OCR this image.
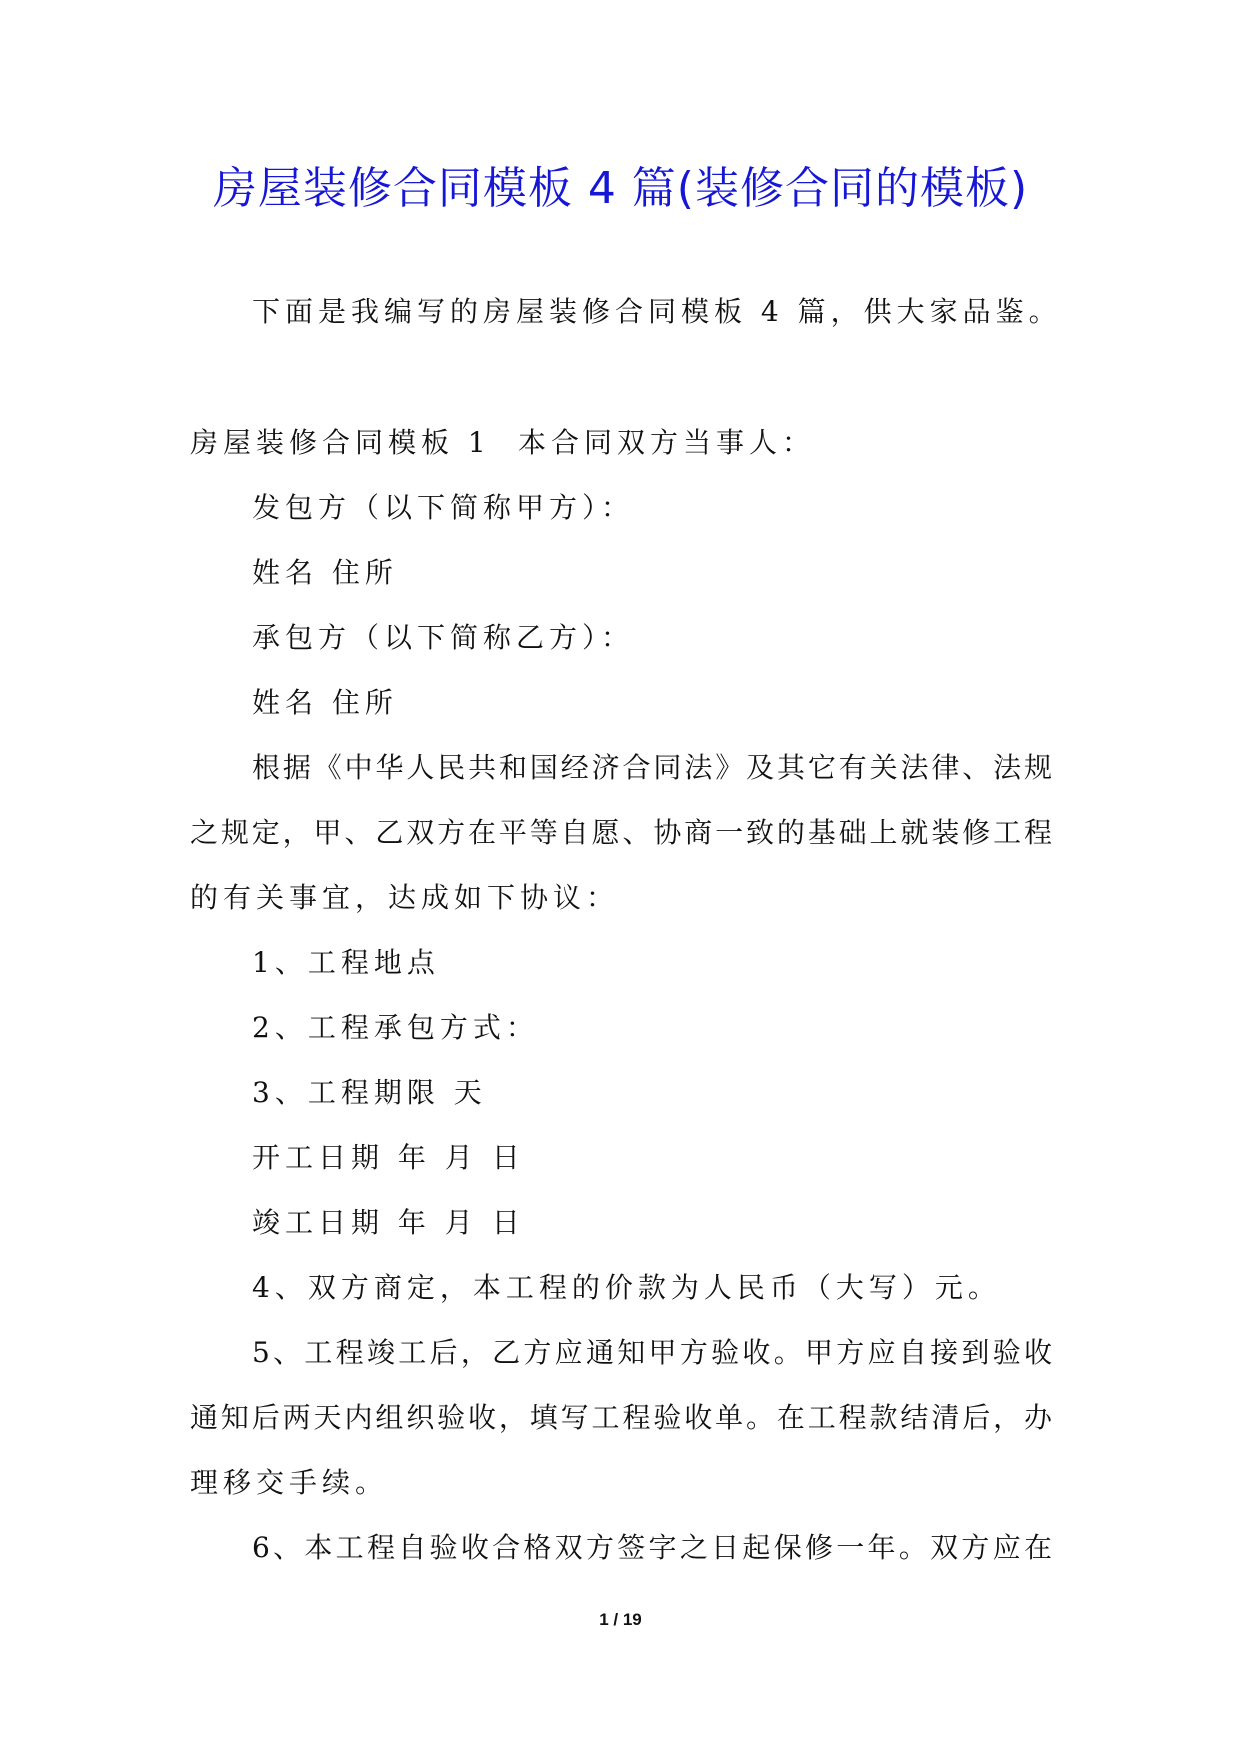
房屋装修合同模板 4 篇(装修合同的模板)
下面是我编写的房屋装修合同模板 4 篇，供大家品鉴。
房屋装修合同模板 1 本合同双方当事人：
发包方（以下简称甲方）：
姓名 住所
承包方（以下简称乙方）：
姓名 住所
根据《中华人民共和国经济合同法》及其它有关法律、法规
之规定，甲、乙双方在平等自愿、协商一致的基础上就装修工程
的有关事宜，达成如下协议：
1、工程地点
2、工程承包方式：
3、工程期限 天
开工日期 年 月 日
竣工日期 年 月 日
4、双方商定，本工程的价款为人民币（大写）元。
5、工程竣工后，乙方应通知甲方验收。甲方应自接到验收
通知后两天内组织验收，填写工程验收单。在工程款结清后，办
理移交手续。
6、本工程自验收合格双方签字之日起保修一年。双方应在
1 / 19
